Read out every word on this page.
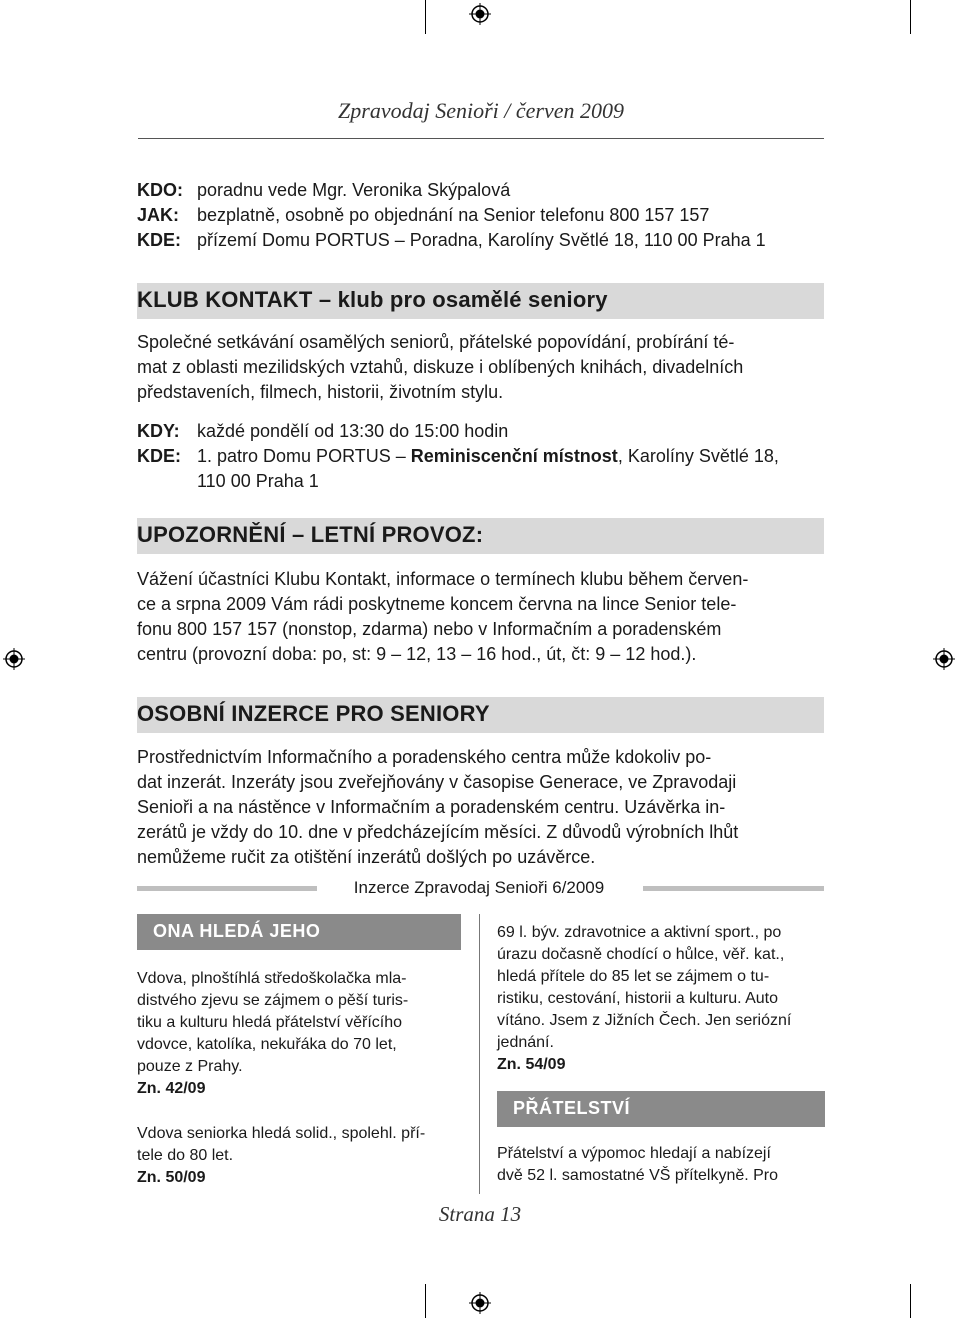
Zpravodaj Senioři / červen 2009
KDO: poradnu vede Mgr. Veronika Skýpalová
JAK: bezplatně, osobně po objednání na Senior telefonu 800 157 157
KDE: přízemí Domu PORTUS – Poradna, Karolíny Světlé 18, 110 00 Praha 1
KLUB KONTAKT – klub pro osamělé seniory
Společné setkávání osamělých seniorů, přátelské popovídání, probírání té-
mat z oblasti mezilidských vztahů, diskuze i oblíbených knihách, divadelních
představeních, filmech, historii, životním stylu.
KDY: každé pondělí od 13:30 do 15:00 hodin
KDE: 1. patro Domu PORTUS – Reminiscenční místnost, Karolíny Světlé 18,
110 00 Praha 1
UPOZORNĚNÍ – LETNÍ PROVOZ:
Vážení účastníci Klubu Kontakt, informace o termínech klubu během červen-
ce a srpna 2009 Vám rádi poskytneme koncem června na lince Senior tele-
fonu 800 157 157 (nonstop, zdarma) nebo v Informačním a poradenském
centru (provozní doba: po, st: 9 – 12, 13 – 16 hod., út, čt: 9 – 12 hod.).
OSOBNÍ INZERCE PRO SENIORY
Prostřednictvím Informačního a poradenského centra může kdokoliv po-
dat inzerát. Inzeráty jsou zveřejňovány v časopise Generace, ve Zpravodaji
Senioři a na nástěnce v Informačním a poradenském centru. Uzávěrka in-
zerátů je vždy do 10. dne v předcházejícím měsíci. Z důvodů výrobních lhůt
nemůžeme ručit za otištění inzerátů došlých po uzávěrce.
Inzerce Zpravodaj Senioři 6/2009
ONA HLEDÁ JEHO
Vdova, plnoštíhlá středoškolačka mla-
distvého zjevu se zájmem o pěší turis-
tiku a kulturu hledá přátelství věřícího
vdovce, katolíka, nekuřáka do 70 let,
pouze z Prahy.
Zn. 42/09
Vdova seniorka hledá solid., spolehl. pří-
tele do 80 let.
Zn. 50/09
69 l. býv. zdravotnice a aktivní sport., po
úrazu dočasně chodící o hůlce, věř. kat.,
hledá přítele do 85 let se zájmem o tu-
ristiku, cestování, historii a kulturu. Auto
vítáno. Jsem z Jižních Čech. Jen seriózní
jednání.
Zn. 54/09
PŘÁTELSTVÍ
Přátelství a výpomoc hledají a nabízejí
dvě 52 l. samostatné VŠ přítelkyně. Pro
Strana 13
